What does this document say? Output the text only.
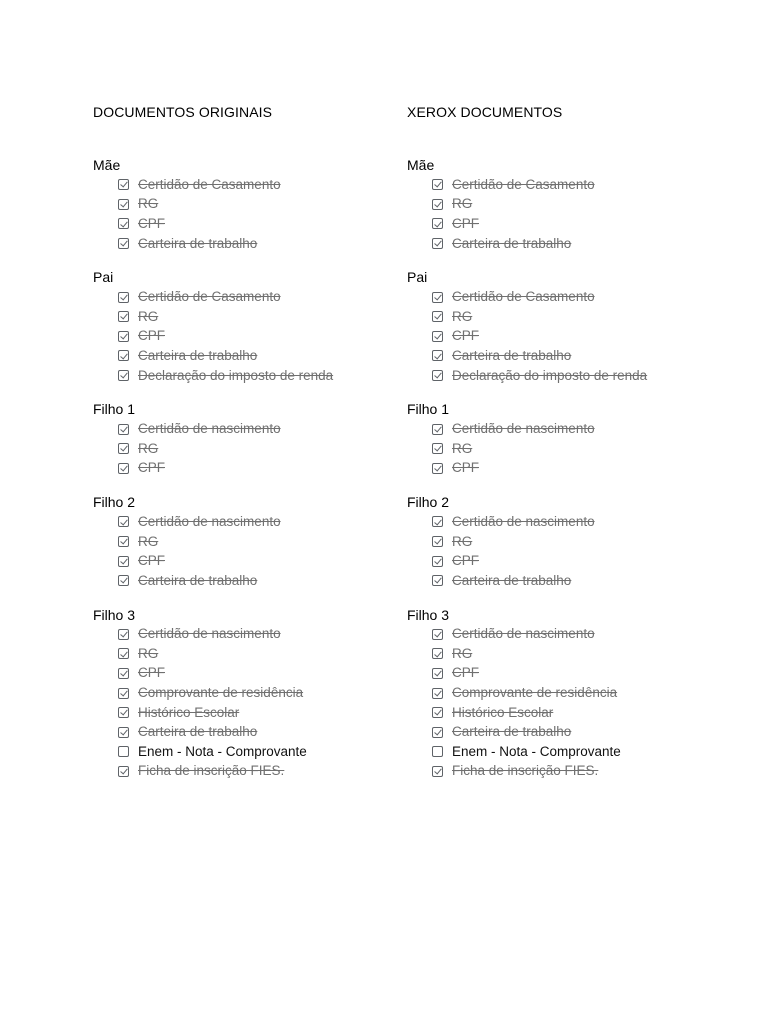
DOCUMENTOS ORIGINAIS
Mãe
Certidão de Casamento
RG
CPF
Carteira de trabalho
Pai
Certidão de Casamento
RG
CPF
Carteira de trabalho
Declaração do imposto de renda
Filho 1
Certidão de nascimento
RG
CPF
Filho 2
Certidão de nascimento
RG
CPF
Carteira de trabalho
Filho 3
Certidão de nascimento
RG
CPF
Comprovante de residência
Histórico Escolar
Carteira de trabalho
Enem - Nota - Comprovante
Ficha de inscrição FIES.
XEROX DOCUMENTOS
Mãe
Certidão de Casamento
RG
CPF
Carteira de trabalho
Pai
Certidão de Casamento
RG
CPF
Carteira de trabalho
Declaração do imposto de renda
Filho 1
Certidão de nascimento
RG
CPF
Filho 2
Certidão de nascimento
RG
CPF
Carteira de trabalho
Filho 3
Certidão de nascimento
RG
CPF
Comprovante de residência
Histórico Escolar
Carteira de trabalho
Enem - Nota - Comprovante
Ficha de inscrição FIES.
